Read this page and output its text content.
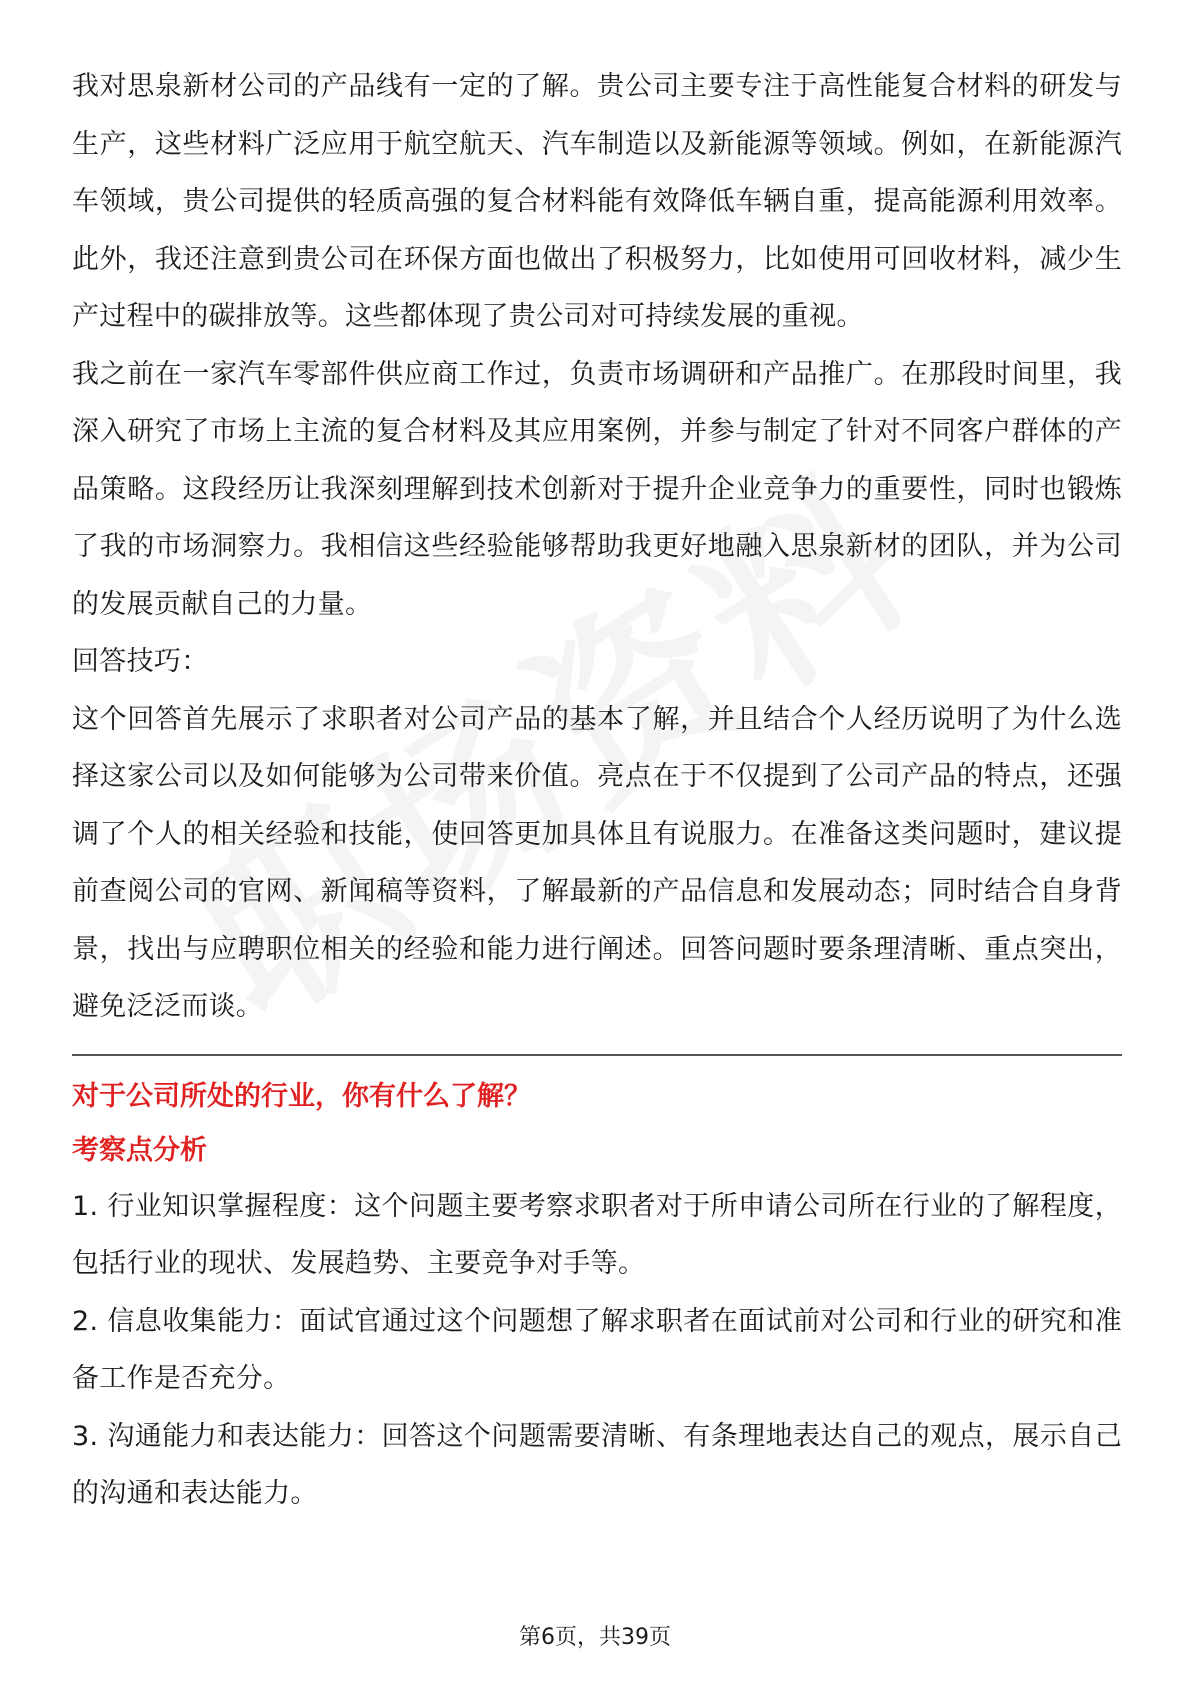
我对思泉新材公司的产品线有一定的了解。贵公司主要专注于高性能复合材料的研发与生产，这些材料广泛应用于航空航天、汽车制造以及新能源等领域。例如，在新能源汽车领域，贵公司提供的轻质高强的复合材料能有效降低车辆自重，提高能源利用效率。此外，我还注意到贵公司在环保方面也做出了积极努力，比如使用可回收材料，减少生产过程中的碳排放等。这些都体现了贵公司对可持续发展的重视。

我之前在一家汽车零部件供应商工作过，负责市场调研和产品推广。在那段时间里，我深入研究了市场上主流的复合材料及其应用案例，并参与制定了针对不同客户群体的产品策略。这段经历让我深刻理解到技术创新对于提升企业竞争力的重要性，同时也锻炼了我的市场洞察力。我相信这些经验能够帮助我更好地融入思泉新材的团队，并为公司的发展贡献自己的力量。

回答技巧：

这个回答首先展示了求职者对公司产品的基本了解，并且结合个人经历说明了为什么选择这家公司以及如何能够为公司带来价值。亮点在于不仅提到了公司产品的特点，还强调了个人的相关经验和技能，使回答更加具体且有说服力。在准备这类问题时，建议提前查阅公司的官网、新闻稿等资料，了解最新的产品信息和发展动态；同时结合自身背景，找出与应聘职位相关的经验和能力进行阐述。回答问题时要条理清晰、重点突出，避免泛泛而谈。

对于公司所处的行业，你有什么了解？

考察点分析

1. 行业知识掌握程度：这个问题主要考察求职者对于所申请公司所在行业的了解程度，包括行业的现状、发展趋势、主要竞争对手等。

2. 信息收集能力：面试官通过这个问题想了解求职者在面试前对公司和行业的研究和准备工作是否充分。

3. 沟通能力和表达能力：回答这个问题需要清晰、有条理地表达自己的观点，展示自己的沟通和表达能力。

第6页，共39页
